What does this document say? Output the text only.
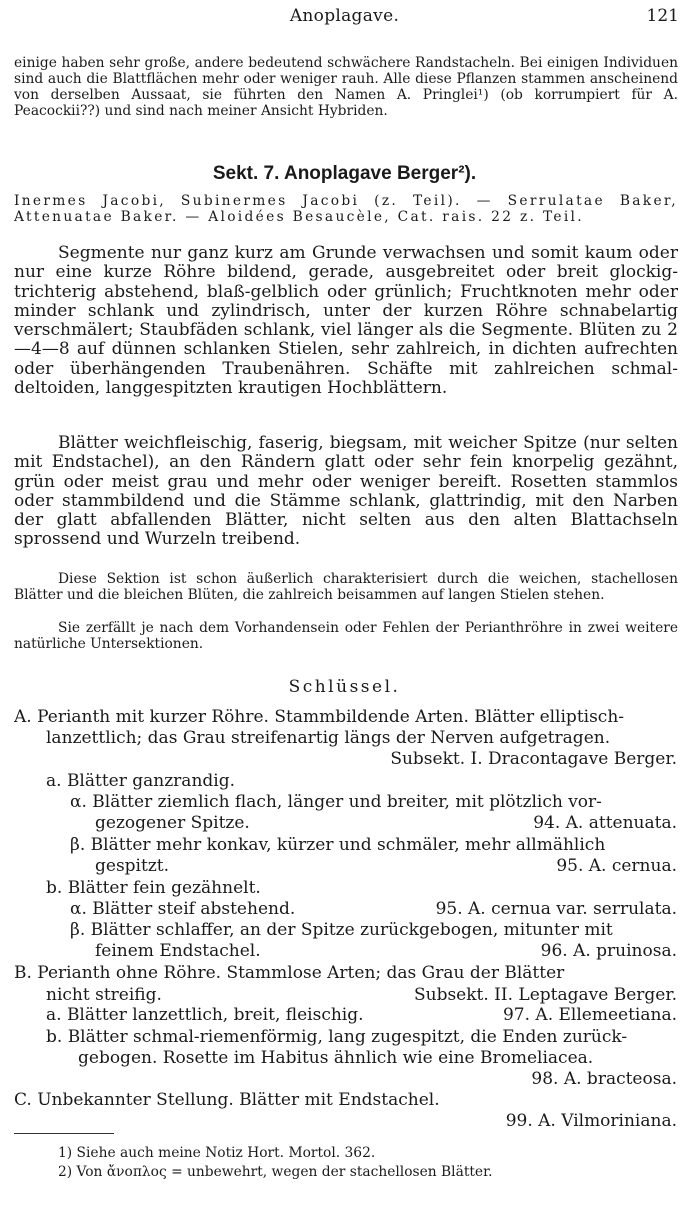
Anoplagave.	121
einige haben sehr große, andere bedeutend schwächere Randstacheln. Bei einigen Individuen sind auch die Blattflächen mehr oder weniger rauh. Alle diese Pflanzen stammen anscheinend von derselben Aussaat, sie führten den Namen A. Pringlei¹) (ob korrumpiert für A. Peacockii??) und sind nach meiner Ansicht Hybriden.
Sekt. 7. Anoplagave Berger²).
Inermes Jacobi, Subinermes Jacobi (z. Teil). — Serrulatae Baker, Attenuatae Baker. — Aloidées Besaucèle, Cat. rais. 22 z. Teil.
Segmente nur ganz kurz am Grunde verwachsen und somit kaum oder nur eine kurze Röhre bildend, gerade, ausgebreitet oder breit glockig-trichterig abstehend, blaß-gelblich oder grünlich; Fruchtknoten mehr oder minder schlank und zylindrisch, unter der kurzen Röhre schnabelartig verschmälert; Staubfäden schlank, viel länger als die Segmente. Blüten zu 2—4—8 auf dünnen schlanken Stielen, sehr zahlreich, in dichten aufrechten oder überhängenden Traubenähren. Schäfte mit zahlreichen schmal-deltoiden, langgespitzten krautigen Hochblättern.
Blätter weichfleischig, faserig, biegsam, mit weicher Spitze (nur selten mit Endstachel), an den Rändern glatt oder sehr fein knorpelig gezähnt, grün oder meist grau und mehr oder weniger bereift. Rosetten stammlos oder stammbildend und die Stämme schlank, glattrindig, mit den Narben der glatt abfallenden Blätter, nicht selten aus den alten Blattachseln sprossend und Wurzeln treibend.
Diese Sektion ist schon äußerlich charakterisiert durch die weichen, stachellosen Blätter und die bleichen Blüten, die zahlreich beisammen auf langen Stielen stehen.
Sie zerfällt je nach dem Vorhandensein oder Fehlen der Perianthröhre in zwei weitere natürliche Untersektionen.
Schlüssel.
A. Perianth mit kurzer Röhre. Stammbildende Arten. Blätter elliptisch-
lanzettlich; das Grau streifenartig längs der Nerven aufgetragen.
Subsekt. I. Dracontagave Berger.
a. Blätter ganzrandig.
α. Blätter ziemlich flach, länger und breiter, mit plötzlich vor-
gezogener Spitze.	94. A. attenuata.
β. Blätter mehr konkav, kürzer und schmäler, mehr allmählich
gespitzt.	95. A. cernua.
b. Blätter fein gezähnelt.
α. Blätter steif abstehend.	95. A. cernua var. serrulata.
β. Blätter schlaffer, an der Spitze zurückgebogen, mitunter mit
feinem Endstachel.	96. A. pruinosa.
B. Perianth ohne Röhre. Stammlose Arten; das Grau der Blätter
nicht streifig.	Subsekt. II. Leptagave Berger.
a. Blätter lanzettlich, breit, fleischig.	97. A. Ellemeetiana.
b. Blätter schmal-riemenförmig, lang zugespitzt, die Enden zurück-
gebogen. Rosette im Habitus ähnlich wie eine Bromeliacea.
98. A. bracteosa.
C. Unbekannter Stellung. Blätter mit Endstachel.
99. A. Vilmoriniana.
1) Siehe auch meine Notiz Hort. Mortol. 362.
2) Von ἄνοπλος = unbewehrt, wegen der stachellosen Blätter.
